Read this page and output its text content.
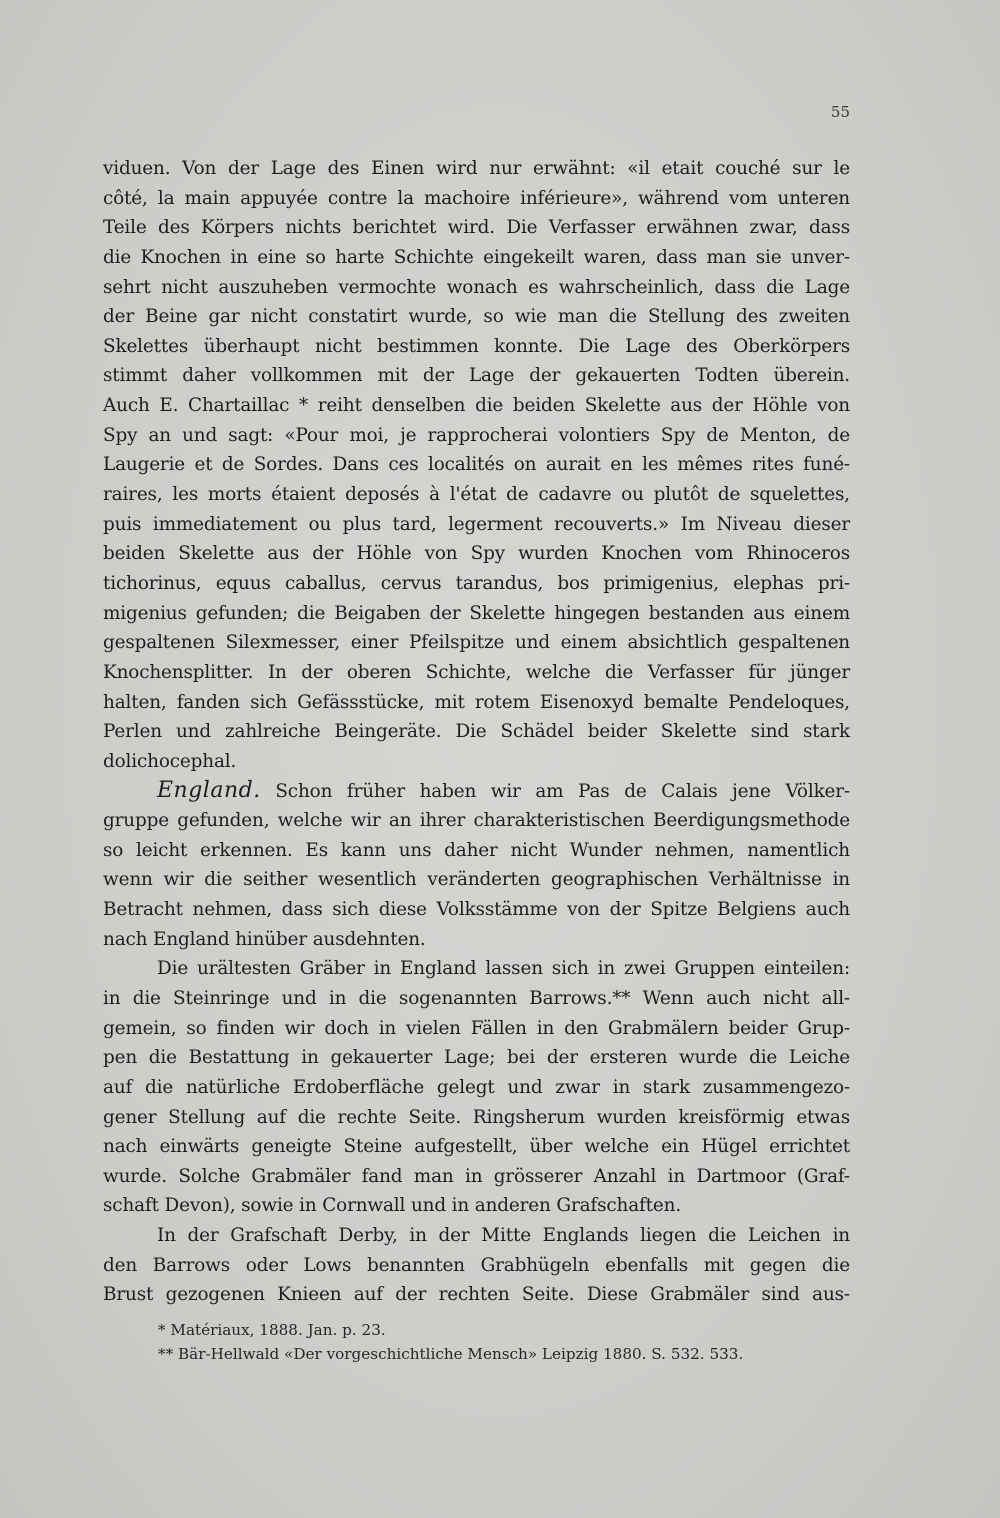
55
viduen. Von der Lage des Einen wird nur erwähnt: «il etait couché sur le
côté, la main appuyée contre la machoire inférieure», während vom unteren
Teile des Körpers nichts berichtet wird. Die Verfasser erwähnen zwar, dass
die Knochen in eine so harte Schichte eingekeilt waren, dass man sie unver-
sehrt nicht auszuheben vermochte wonach es wahrscheinlich, dass die Lage
der Beine gar nicht constatirt wurde, so wie man die Stellung des zweiten
Skelettes überhaupt nicht bestimmen konnte. Die Lage des Oberkörpers
stimmt daher vollkommen mit der Lage der gekauerten Todten überein.
Auch E. Chartaillac * reiht denselben die beiden Skelette aus der Höhle von
Spy an und sagt: «Pour moi, je rapprocherai volontiers Spy de Menton, de
Laugerie et de Sordes. Dans ces localités on aurait en les mêmes rites funé-
raires, les morts étaient deposés à l'état de cadavre ou plutôt de squelettes,
puis immediatement ou plus tard, legerment recouverts.» Im Niveau dieser
beiden Skelette aus der Höhle von Spy wurden Knochen vom Rhinoceros
tichorinus, equus caballus, cervus tarandus, bos primigenius, elephas pri-
migenius gefunden; die Beigaben der Skelette hingegen bestanden aus einem
gespaltenen Silexmesser, einer Pfeilspitze und einem absichtlich gespaltenen
Knochensplitter. In der oberen Schichte, welche die Verfasser für jünger
halten, fanden sich Gefässstücke, mit rotem Eisenoxyd bemalte Pendeloques,
Perlen und zahlreiche Beingeräte. Die Schädel beider Skelette sind stark
dolichocephal.
England. Schon früher haben wir am Pas de Calais jene Völker-
gruppe gefunden, welche wir an ihrer charakteristischen Beerdigungsmethode
so leicht erkennen. Es kann uns daher nicht Wunder nehmen, namentlich
wenn wir die seither wesentlich veränderten geographischen Verhältnisse in
Betracht nehmen, dass sich diese Volksstämme von der Spitze Belgiens auch
nach England hinüber ausdehnten.
Die urältesten Gräber in England lassen sich in zwei Gruppen einteilen:
in die Steinringe und in die sogenannten Barrows.** Wenn auch nicht all-
gemein, so finden wir doch in vielen Fällen in den Grabmälern beider Grup-
pen die Bestattung in gekauerter Lage; bei der ersteren wurde die Leiche
auf die natürliche Erdoberfläche gelegt und zwar in stark zusammengezo-
gener Stellung auf die rechte Seite. Ringsherum wurden kreisförmig etwas
nach einwärts geneigte Steine aufgestellt, über welche ein Hügel errichtet
wurde. Solche Grabmäler fand man in grösserer Anzahl in Dartmoor (Graf-
schaft Devon), sowie in Cornwall und in anderen Grafschaften.
In der Grafschaft Derby, in der Mitte Englands liegen die Leichen in
den Barrows oder Lows benannten Grabhügeln ebenfalls mit gegen die
Brust gezogenen Knieen auf der rechten Seite. Diese Grabmäler sind aus-
* Matériaux, 1888. Jan. p. 23.
** Bär-Hellwald «Der vorgeschichtliche Mensch» Leipzig 1880. S. 532. 533.
